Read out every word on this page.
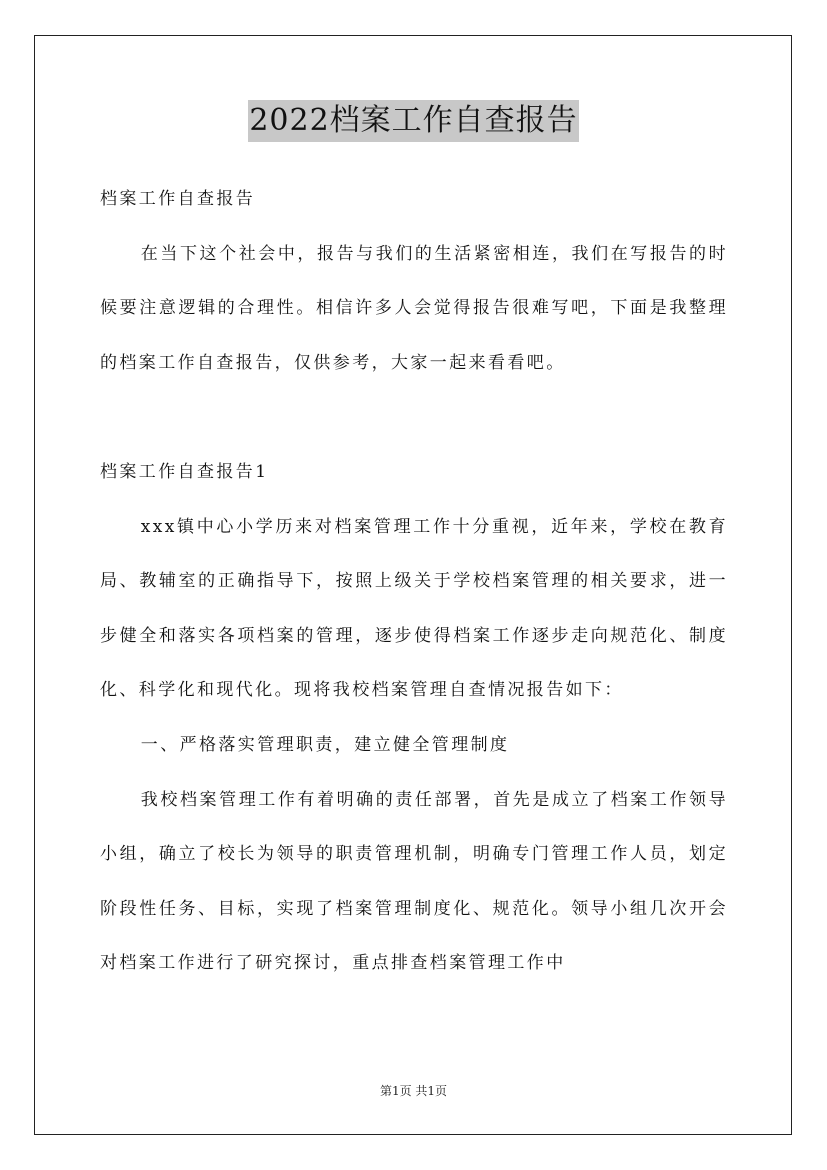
2022档案工作自查报告

档案工作自查报告

在当下这个社会中，报告与我们的生活紧密相连，我们在写报告的时候要注意逻辑的合理性。相信许多人会觉得报告很难写吧，下面是我整理的档案工作自查报告，仅供参考，大家一起来看看吧。

档案工作自查报告1

xxx镇中心小学历来对档案管理工作十分重视，近年来，学校在教育局、教辅室的正确指导下，按照上级关于学校档案管理的相关要求，进一步健全和落实各项档案的管理，逐步使得档案工作逐步走向规范化、制度化、科学化和现代化。现将我校档案管理自查情况报告如下：

一、严格落实管理职责，建立健全管理制度

我校档案管理工作有着明确的责任部署，首先是成立了档案工作领导小组，确立了校长为领导的职责管理机制，明确专门管理工作人员，划定阶段性任务、目标，实现了档案管理制度化、规范化。领导小组几次开会对档案工作进行了研究探讨，重点排查档案管理工作中

第1页 共1页
